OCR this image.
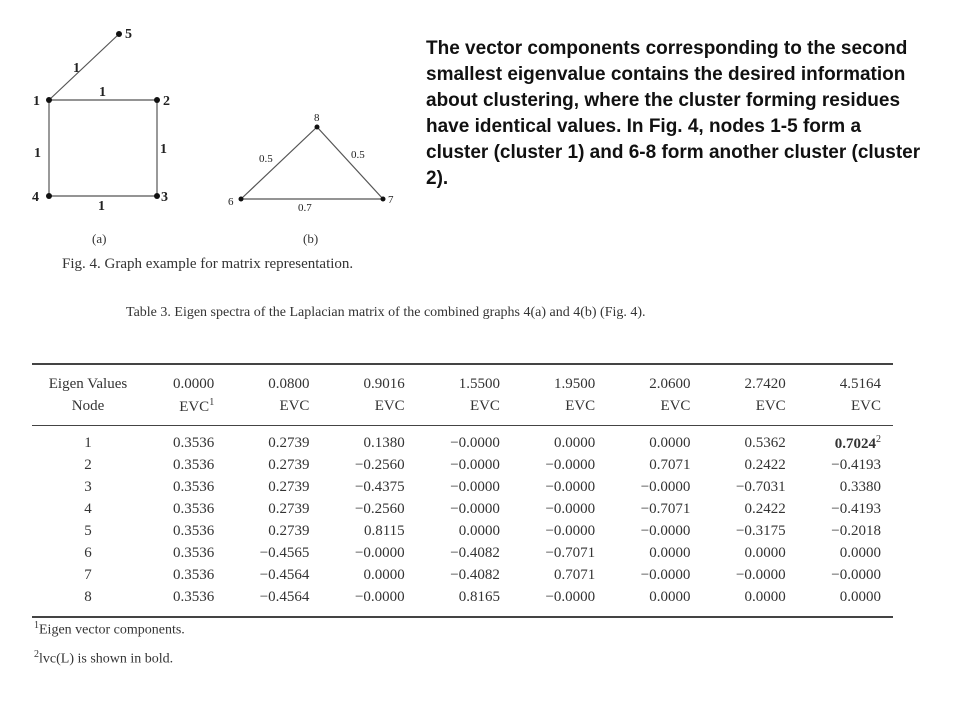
1	2
3
4
5
1
1
1
1
1
8
6	7
0.5	0.5
0.7
(a)	(b)

The vector components corresponding to the second smallest eigenvalue contains the desired information about clustering, where the cluster forming residues have identical values. In Fig. 4, nodes 1-5 form a cluster (cluster 1) and 6-8 form another cluster (cluster 2).

Fig. 4. Graph example for matrix representation.
Table 3. Eigen spectra of the Laplacian matrix of the combined graphs 4(a) and 4(b) (Fig. 4).
Eigen Values	0.0000	0.0800	0.9016	1.5500	1.9500	2.0600	2.7420	4.5164
Node	EVC$^1$	EVC	EVC	EVC	EVC	EVC	EVC	EVC
1	0.3536	0.2739	0.1380	−0.0000	0.0000	0.0000	0.5362	0.7024$^2$
2	0.3536	0.2739	−0.2560	−0.0000	−0.0000	0.7071	0.2422	−0.4193
3	0.3536	0.2739	−0.4375	−0.0000	−0.0000	−0.0000	−0.7031	0.3380
4	0.3536	0.2739	−0.2560	−0.0000	−0.0000	−0.7071	0.2422	−0.4193
5	0.3536	0.2739	0.8115	0.0000	−0.0000	−0.0000	−0.3175	−0.2018
6	0.3536	−0.4565	−0.0000	−0.4082	−0.7071	0.0000	0.0000	0.0000
7	0.3536	−0.4564	0.0000	−0.4082	0.7071	−0.0000	−0.0000	−0.0000
8	0.3536	−0.4564	−0.0000	0.8165	−0.0000	0.0000	0.0000	0.0000
$^1$Eigen vector components.
$^2$lvc(L) is shown in bold.
